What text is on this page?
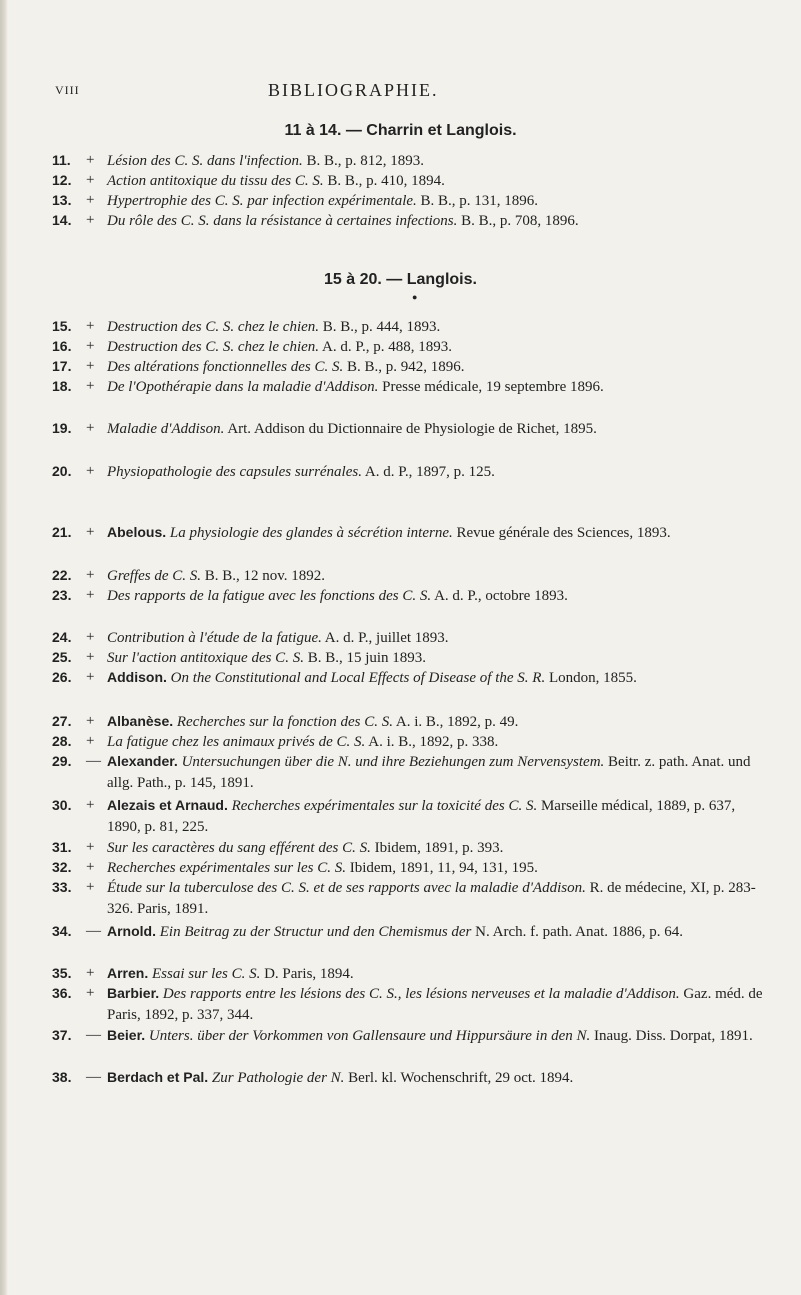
VIII	BIBLIOGRAPHIE.
11 à 14. — Charrin et Langlois.
15 à 20. — Langlois.
●
11.	+ Lésion des C. S. dans l'infection. B. B., p. 812, 1893.
12. + Action antitoxique du tissu des C. S. B. B., p. 410, 1894.
13. + Hypertrophie des C. S. par infection expérimentale. B. B., p. 131, 1896.
14. + Du rôle des C. S. dans la résistance à certaines infections. B. B., p. 708, 1896.
15. + Destruction des C. S. chez le chien. B. B., p. 444, 1893.
16. + Destruction des C. S. chez le chien. A. d. P., p. 488, 1893.
17. + Des altérations fonctionnelles des C. S. B. B., p. 942, 1896.
18. + De l'Opothérapie dans la maladie d'Addison. Presse médicale, 19 septembre 1896.
19. + Maladie d'Addison. Art. Addison du Dictionnaire de Physiologie de Richet, 1895.
20. + Physiopathologie des capsules surrénales. A. d. P., 1897, p. 125.
21. + Abelous. La physiologie des glandes à sécrétion interne. Revue générale des Sciences, 1893.
22. + Greffes de C. S. B. B., 12 nov. 1892.
23. + Des rapports de la fatigue avec les fonctions des C. S. A. d. P., octobre 1893.
24. + Contribution à l'étude de la fatigue. A. d. P., juillet 1893.
25. + Sur l'action antitoxique des C. S. B. B., 15 juin 1893.
26. + Addison. On the Constitutional and Local Effects of Disease of the S. R. London, 1855.
27. + Albanèse. Recherches sur la fonction des C. S. A. i. B., 1892, p. 49.
28. + La fatigue chez les animaux privés de C. S. A. i. B., 1892, p. 338.
29. — Alexander. Untersuchungen über die N. und ihre Beziehungen zum Nervensystem. Beitr. z. path. Anat. und allg. Path., p. 145, 1891.
30. + Alezais et Arnaud. Recherches expérimentales sur la toxicité des C. S. Marseille médical, 1889, p. 637, 1890, p. 81, 225.
31. + Sur les caractères du sang efférent des C. S. Ibidem, 1891, p. 393.
32. + Recherches expérimentales sur les C. S. Ibidem, 1891, 11, 94, 131, 195.
33. + Étude sur la tuberculose des C. S. et de ses rapports avec la maladie d'Addison. R. de médecine, XI, p. 283-326. Paris, 1891.
34. — Arnold. Ein Beitrag zu der Structur und den Chemismus der N. Arch. f. path. Anat. 1886, p. 64.
35. + Arren. Essai sur les C. S. D. Paris, 1894.
36. + Barbier. Des rapports entre les lésions des C. S., les lésions nerveuses et la maladie d'Addison. Gaz. méd. de Paris, 1892, p. 337, 344.
37. — Beier. Unters. über der Vorkommen von Gallensaure und Hippursäure in den N. Inaug. Diss. Dorpat, 1891.
38. — Berdach et Pal. Zur Pathologie der N. Berl. kl. Wochenschrift, 29 oct. 1894.
